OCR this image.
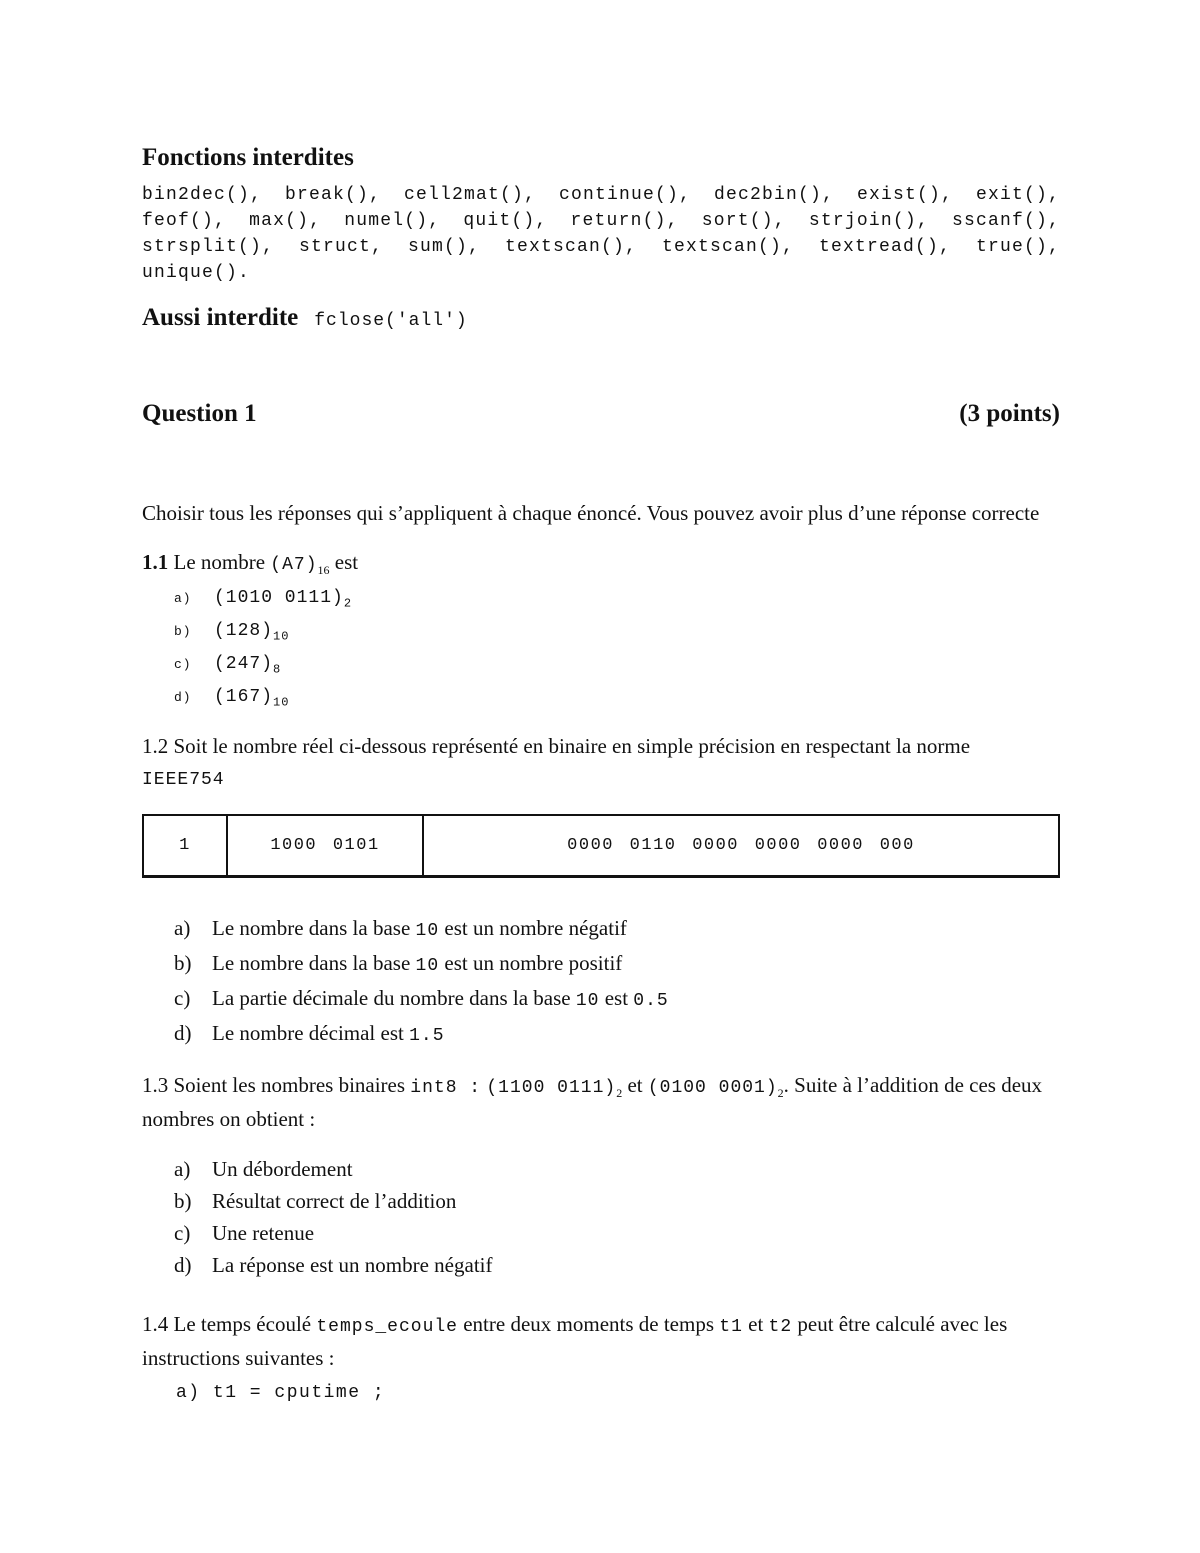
Fonctions interdites

bin2dec(), break(), cell2mat(), continue(), dec2bin(), exist(), exit(), feof(), max(), numel(), quit(), return(), sort(), strjoin(), sscanf(), strsplit(), struct, sum(), textscan(), textscan(), textread(), true(), unique().

Aussi interdite fclose('all')
Question 1	(3 points)

Choisir tous les réponses qui s’appliquent à chaque énoncé. Vous pouvez avoir plus d’une réponse correcte

1.1 Le nombre $(A7)_{16}$ est

a) (1010 $0111)_2$
b) $(128)_{10}$
c) $(247)_8$
d) $(167)_{10}$

1.2 Soit le nombre réel ci-dessous représenté en binaire en simple précision en respectant la norme
IEEE754

1	1000 0101	0000 0110 0000 0000 0000 000
a)	Le nombre dans la base 10 est un nombre négatif
b) Le nombre dans la base 10 est un nombre positif
c)	La partie décimale du nombre dans la base 10 est 0.5
d) Le nombre décimal est 1.5

1.3 Soient les nombres binaires int8 : (1100 $0111)_2$ et (0100 $0001)_2$. Suite à l’addition de ces deux nombres on obtient :

a)	Un débordement
b) Résultat correct de l’addition
c)	Une retenue
d) La réponse est un nombre négatif

1.4 Le temps écoulé temps_ecoule entre deux moments de temps t1 et t2 peut être calculé avec les instructions suivantes :

a) t1 = cputime ;
